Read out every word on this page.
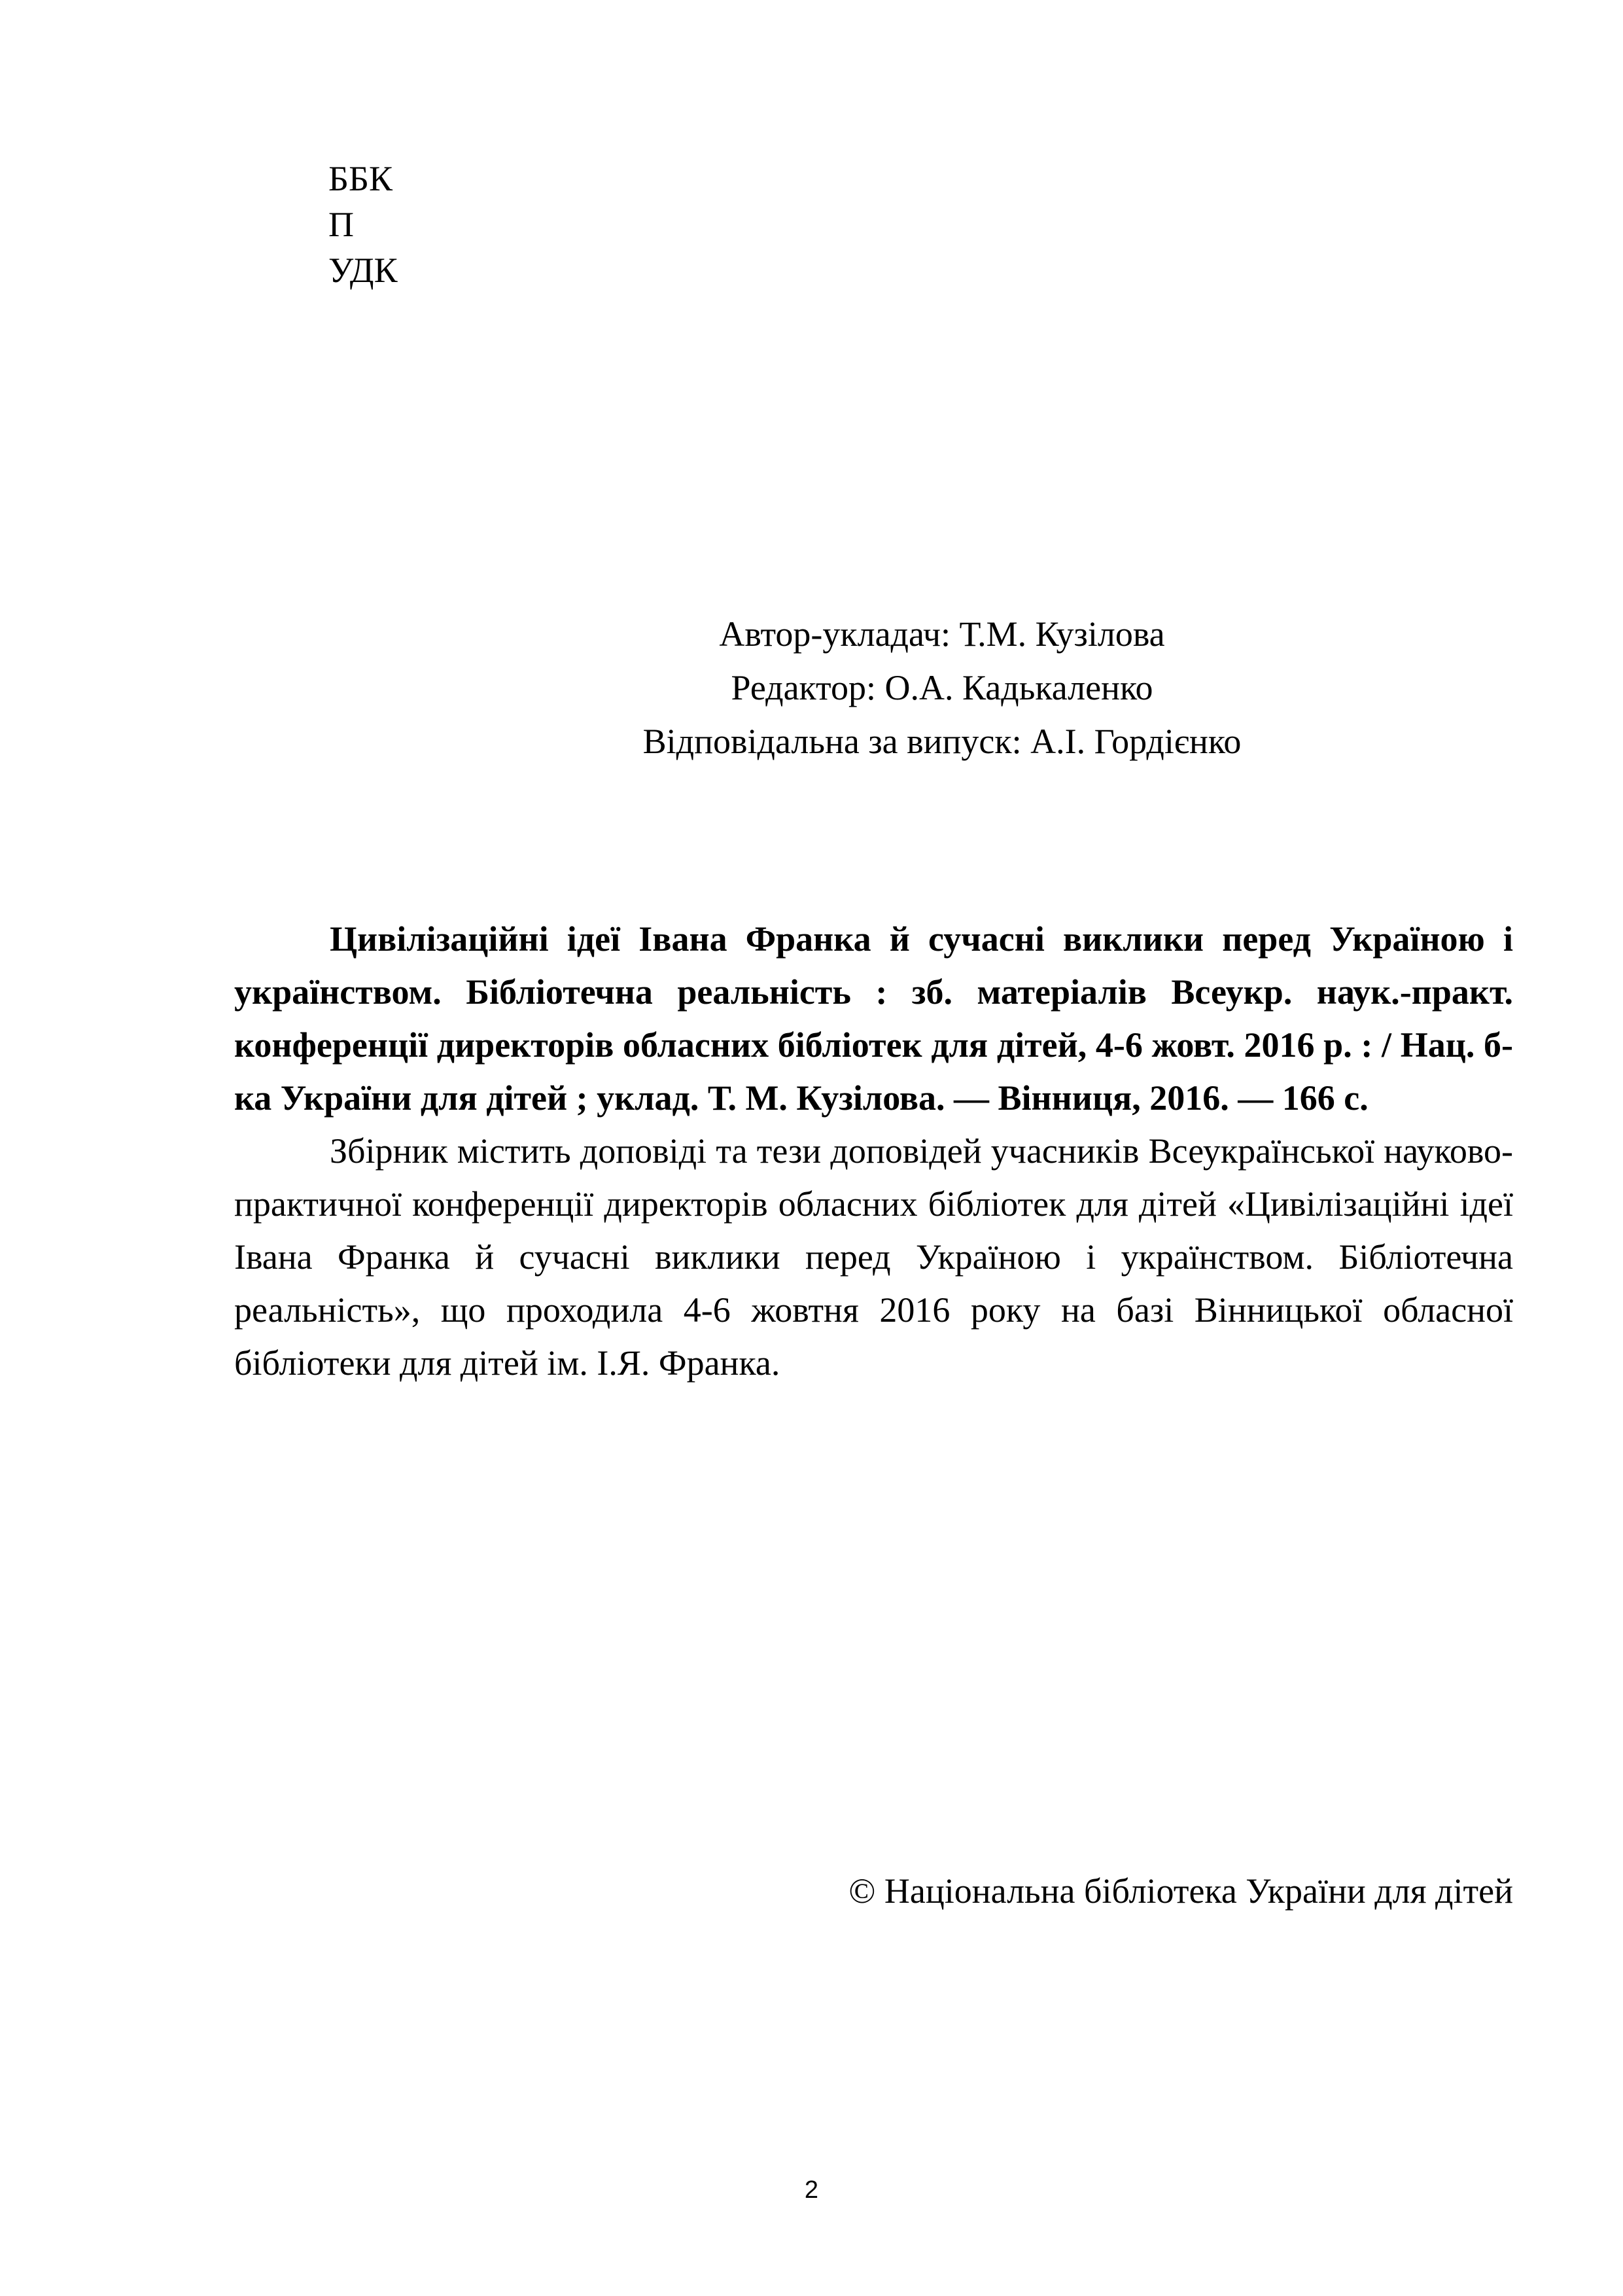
ББК
П
УДК
Автор-укладач: Т.М. Кузілова
Редактор: О.А. Кадькаленко
Відповідальна за випуск: А.І. Гордієнко

Цивілізаційні ідеї Івана Франка й сучасні виклики перед Україною і українством. Бібліотечна реальність : зб. матеріалів Всеукр. наук.-практ. конференції директорів обласних бібліотек для дітей, 4-6 жовт. 2016 р. : / Нац. б-ка України для дітей ; уклад. Т. М. Кузілова. — Вінниця, 2016. — 166 с.

Збірник містить доповіді та тези доповідей учасників Всеукраїнської науково-практичної конференції директорів обласних бібліотек для дітей «Цивілізаційні ідеї Івана Франка й сучасні виклики перед Україною і українством. Бібліотечна реальність», що проходила 4-6 жовтня 2016 року на базі Вінницької обласної бібліотеки для дітей ім. І.Я. Франка.

© Національна бібліотека України для дітей
2
